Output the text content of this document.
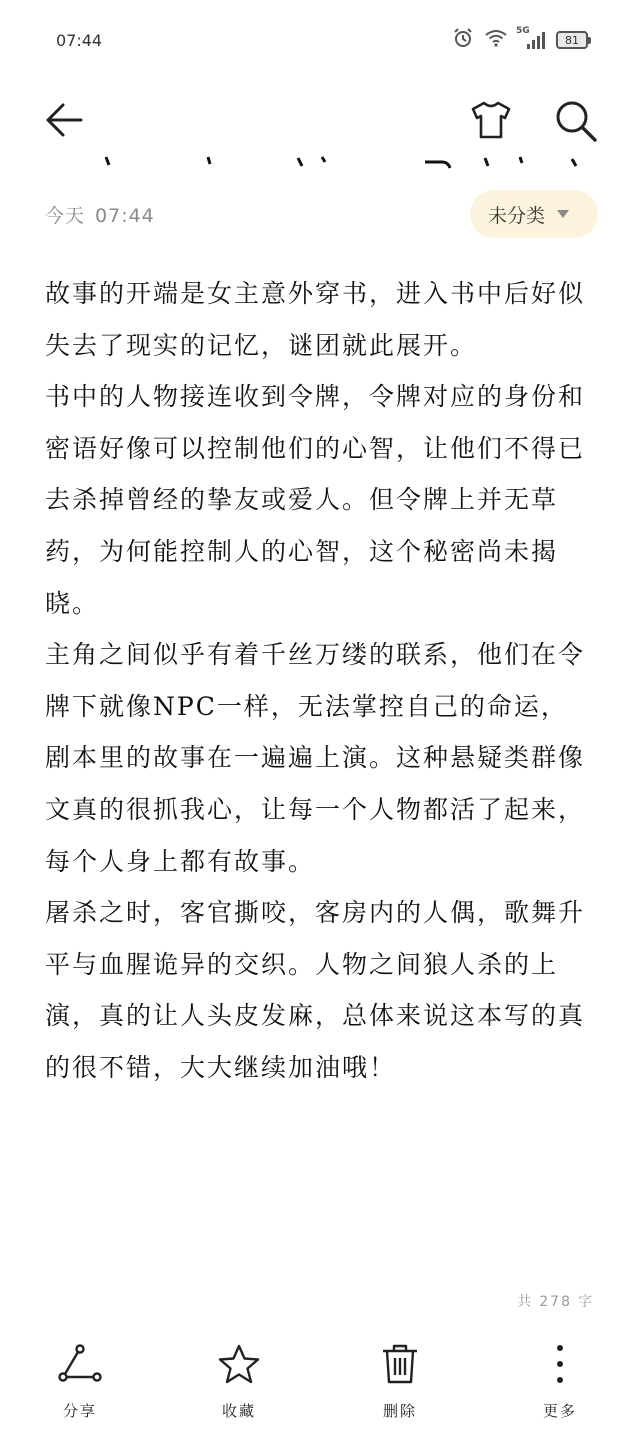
07:44	5G
81
今天 07:44	未分类

故事的开端是女主意外穿书，进入书中后好似失去了现实的记忆，谜团就此展开。

书中的人物接连收到令牌，令牌对应的身份和密语好像可以控制他们的心智，让他们不得已去杀掉曾经的挚友或爱人。但令牌上并无草药，为何能控制人的心智，这个秘密尚未揭晓。

主角之间似乎有着千丝万缕的联系，他们在令牌下就像NPC一样，无法掌控自己的命运，剧本里的故事在一遍遍上演。这种悬疑类群像文真的很抓我心，让每一个人物都活了起来，每个人身上都有故事。

屠杀之时，客官撕咬，客房内的人偶，歌舞升平与血腥诡异的交织。人物之间狼人杀的上演，真的让人头皮发麻，总体来说这本写的真的很不错，大大继续加油哦！

共 278 字
分享	收藏	删除	更多
